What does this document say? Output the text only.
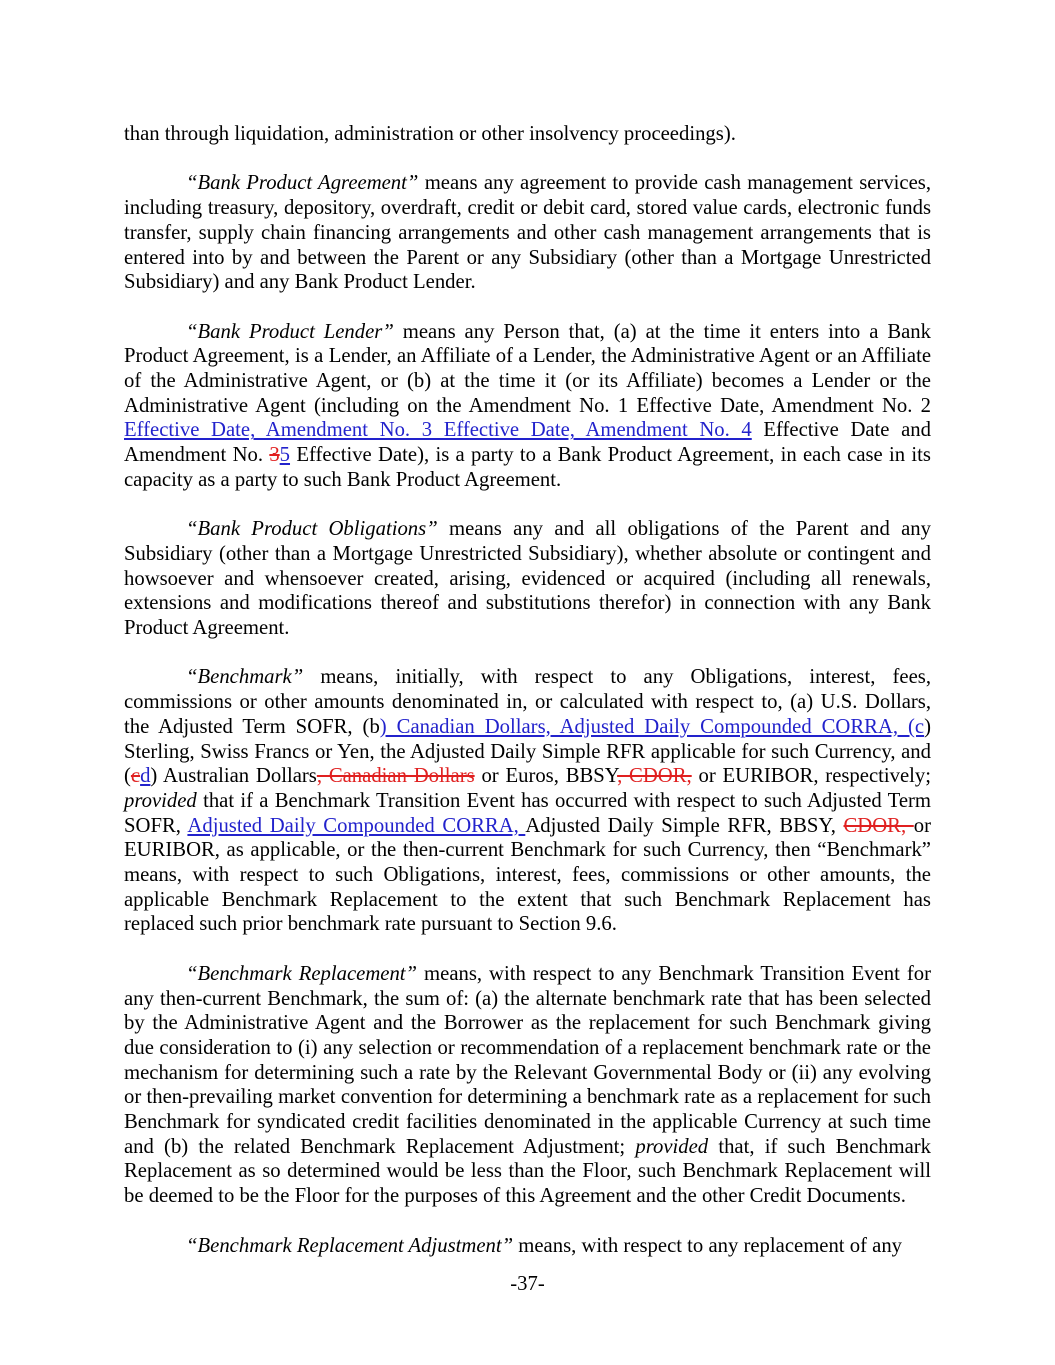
than through liquidation, administration or other insolvency proceedings).

“Bank Product Agreement” means any agreement to provide cash management services, including treasury, depository, overdraft, credit or debit card, stored value cards, electronic funds transfer, supply chain financing arrangements and other cash management arrangements that is entered into by and between the Parent or any Subsidiary (other than a Mortgage Unrestricted Subsidiary) and any Bank Product Lender.

“Bank Product Lender” means any Person that, (a) at the time it enters into a Bank Product Agreement, is a Lender, an Affiliate of a Lender, the Administrative Agent or an Affiliate of the Administrative Agent, or (b) at the time it (or its Affiliate) becomes a Lender or the Administrative Agent (including on the Amendment No. 1 Effective Date, Amendment No. 2 Effective Date, Amendment No. 3 Effective Date, Amendment No. 4 Effective Date and Amendment No. 35 Effective Date), is a party to a Bank Product Agreement, in each case in its capacity as a party to such Bank Product Agreement.

“Bank Product Obligations” means any and all obligations of the Parent and any Subsidiary (other than a Mortgage Unrestricted Subsidiary), whether absolute or contingent and howsoever and whensoever created, arising, evidenced or acquired (including all renewals, extensions and modifications thereof and substitutions therefor) in connection with any Bank Product Agreement.

“Benchmark” means, initially, with respect to any Obligations, interest, fees, commissions or other amounts denominated in, or calculated with respect to, (a) U.S. Dollars, the Adjusted Term SOFR, (b) Canadian Dollars, Adjusted Daily Compounded CORRA, (c) Sterling, Swiss Francs or Yen, the Adjusted Daily Simple RFR applicable for such Currency, and (cd) Australian Dollars, Canadian Dollars or Euros, BBSY, CDOR, or EURIBOR, respectively; provided that if a Benchmark Transition Event has occurred with respect to such Adjusted Term SOFR, Adjusted Daily Compounded CORRA, Adjusted Daily Simple RFR, BBSY, CDOR, or EURIBOR, as applicable, or the then-current Benchmark for such Currency, then “Benchmark” means, with respect to such Obligations, interest, fees, commissions or other amounts, the applicable Benchmark Replacement to the extent that such Benchmark Replacement has replaced such prior benchmark rate pursuant to Section 9.6.

“Benchmark Replacement” means, with respect to any Benchmark Transition Event for any then-current Benchmark, the sum of: (a) the alternate benchmark rate that has been selected by the Administrative Agent and the Borrower as the replacement for such Benchmark giving due consideration to (i) any selection or recommendation of a replacement benchmark rate or the mechanism for determining such a rate by the Relevant Governmental Body or (ii) any evolving or then-prevailing market convention for determining a benchmark rate as a replacement for such Benchmark for syndicated credit facilities denominated in the applicable Currency at such time and (b) the related Benchmark Replacement Adjustment; provided that, if such Benchmark Replacement as so determined would be less than the Floor, such Benchmark Replacement will be deemed to be the Floor for the purposes of this Agreement and the other Credit Documents.

“Benchmark Replacement Adjustment” means, with respect to any replacement of any

-37-
